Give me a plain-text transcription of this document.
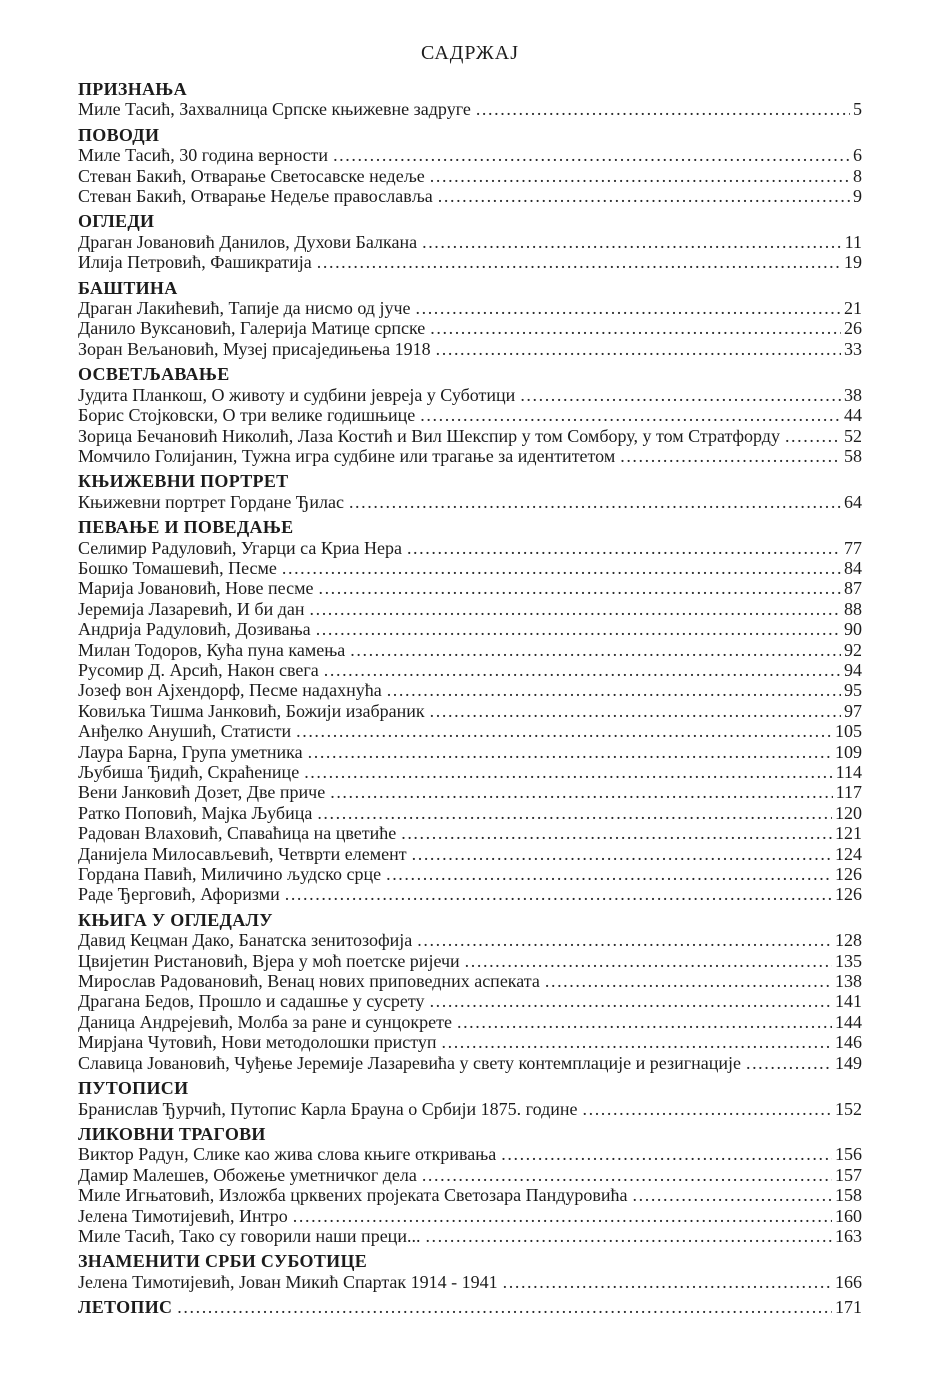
САДРЖАЈ
ПРИЗНАЊА
Миле Тасић, Захвалница Српске књижевне задруге .....	5
ПОВОДИ
Миле Тасић, 30 година верности .....	6
Стеван Бакић, Отварање Светосавске недеље .....	8
Стеван Бакић, Отварање Недеље православља .....	9
ОГЛЕДИ
Драган Јовановић Данилов, Духови Балкана .....	11
Илија Петровић, Фашикратија .....	19
БАШТИНА
Драган Лакићевић, Тапије да нисмо од јуче .....	21
Данило Вуксановић, Галерија Матице српске .....	26
Зоран Вељановић, Музеј присаједињења 1918 .....	33
ОСВЕТЉАВАЊЕ
Јудита Планкош, О животу и судбини јевреја у Суботици .....	38
Борис Стојковски, О три велике годишњице .....	44
Зорица Бечановић Николић, Лаза Костић и Вил Шекспир у том Сомбору, у том Стратфорду .....	52
Момчило Голијанин, Тужна игра судбине или трагање за идентитетом .....	58
КЊИЖЕВНИ ПОРТРЕТ
Књижевни портрет Гордане Ђилас .....	64
ПЕВАЊЕ И ПОВЕДАЊЕ
Селимир Радуловић, Угарци са Криа Нера .....	77
Бошко Томашевић, Песме .....	84
Марија Јовановић, Нове песме .....	87
Јеремија Лазаревић, И би дан .....	88
Андрија Радуловић, Дозивања .....	90
Милан Тодоров, Кућа пуна камења .....	92
Русомир Д. Арсић, Након свега .....	94
Јозеф вон Ајхендорф, Песме надахнућа .....	95
Ковиљка Тишма Јанковић, Божији изабраник .....	97
Анђелко Анушић, Статисти .....	105
Лаура Барна, Група уметника .....	109
Љубиша Ђидић, Скраћенице .....	114
Вени Јанковић Дозет, Две приче .....	117
Ратко Поповић, Мајка Љубица .....	120
Радован Влаховић, Спаваћица на цветиће .....	121
Данијела Милосављевић, Четврти елемент .....	124
Гордана Павић, Миличино људско срце .....	126
Раде Ђерговић, Афоризми .....	126
КЊИГА У ОГЛЕДАЛУ
Давид Кецман Дако, Банатска зенитозофија .....	128
Цвијетин Ристановић, Вјера у моћ поетске ријечи .....	135
Мирослав Радовановић, Венац нових приповедних аспеката .....	138
Драгана Бедов, Прошло и садашње у сусрету .....	141
Даница Андрејевић, Молба за ране и сунцокрете .....	144
Мирјана Чутовић, Нови методолошки приступ .....	146
Славица Јовановић, Чуђење Јеремије Лазаревића у свету контемплације и резигнације .....	149
ПУТОПИСИ
Бранислав Ђурчић, Путопис Карла Брауна о Србији 1875. године .....	152
ЛИКОВНИ ТРАГОВИ
Виктор Радун, Слике као жива слова књиге откривања .....	156
Дамир Малешев, Обожење уметничког дела .....	157
Миле Игњатовић, Изложба црквених пројеката Светозара Пандуровића .....	158
Јелена Тимотијевић, Интро .....	160
Миле Тасић, Тако су говорили наши преци... .....	163
ЗНАМЕНИТИ СРБИ СУБОТИЦЕ
Јелена Тимотијевић, Јован Микић Спартак 1914 - 1941 .....	166
ЛЕТОПИС .....	171
